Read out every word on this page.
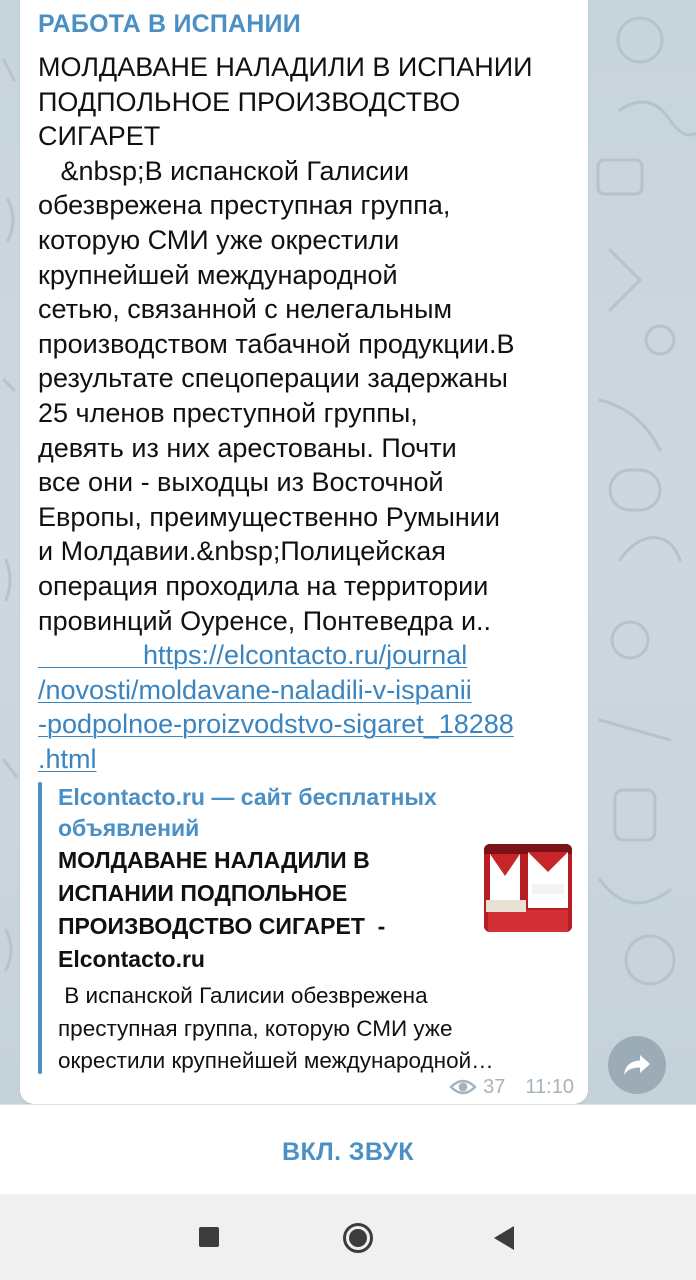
РАБОТА В ИСПАНИИ
МОЛДАВАНЕ НАЛАДИЛИ В ИСПАНИИ
ПОДПОЛЬНОЕ ПРОИЗВОДСТВО
СИГАРЕТ
&nbsp;В испанской Галисии
обезврежена преступная группа,
которую СМИ уже окрестили
крупнейшей международной
сетью, связанной с нелегальным
производством табачной продукции.В
результате спецоперации задержаны
25 членов преступной группы,
девять из них арестованы. Почти
все они - выходцы из Восточной
Европы, преимущественно Румынии
и Молдавии.&nbsp;Полицейская
операция проходила на территории
провинций Оуренсе, Понтеведра и..
https://elcontacto.ru/journal
/novosti/moldavane-naladili-v-ispanii
-podpolnoe-proizvodstvo-sigaret_18288
.html
Elcontacto.ru — сайт бесплатных
объявлений
МОЛДАВАНЕ НАЛАДИЛИ В
ИСПАНИИ ПОДПОЛЬНОЕ
ПРОИЗВОДСТВО СИГАРЕТ  -
Elcontacto.ru
В испанской Галисии обезврежена
преступная группа, которую СМИ уже
окрестили крупнейшей международной…
37 11:10
ВКЛ. ЗВУК
